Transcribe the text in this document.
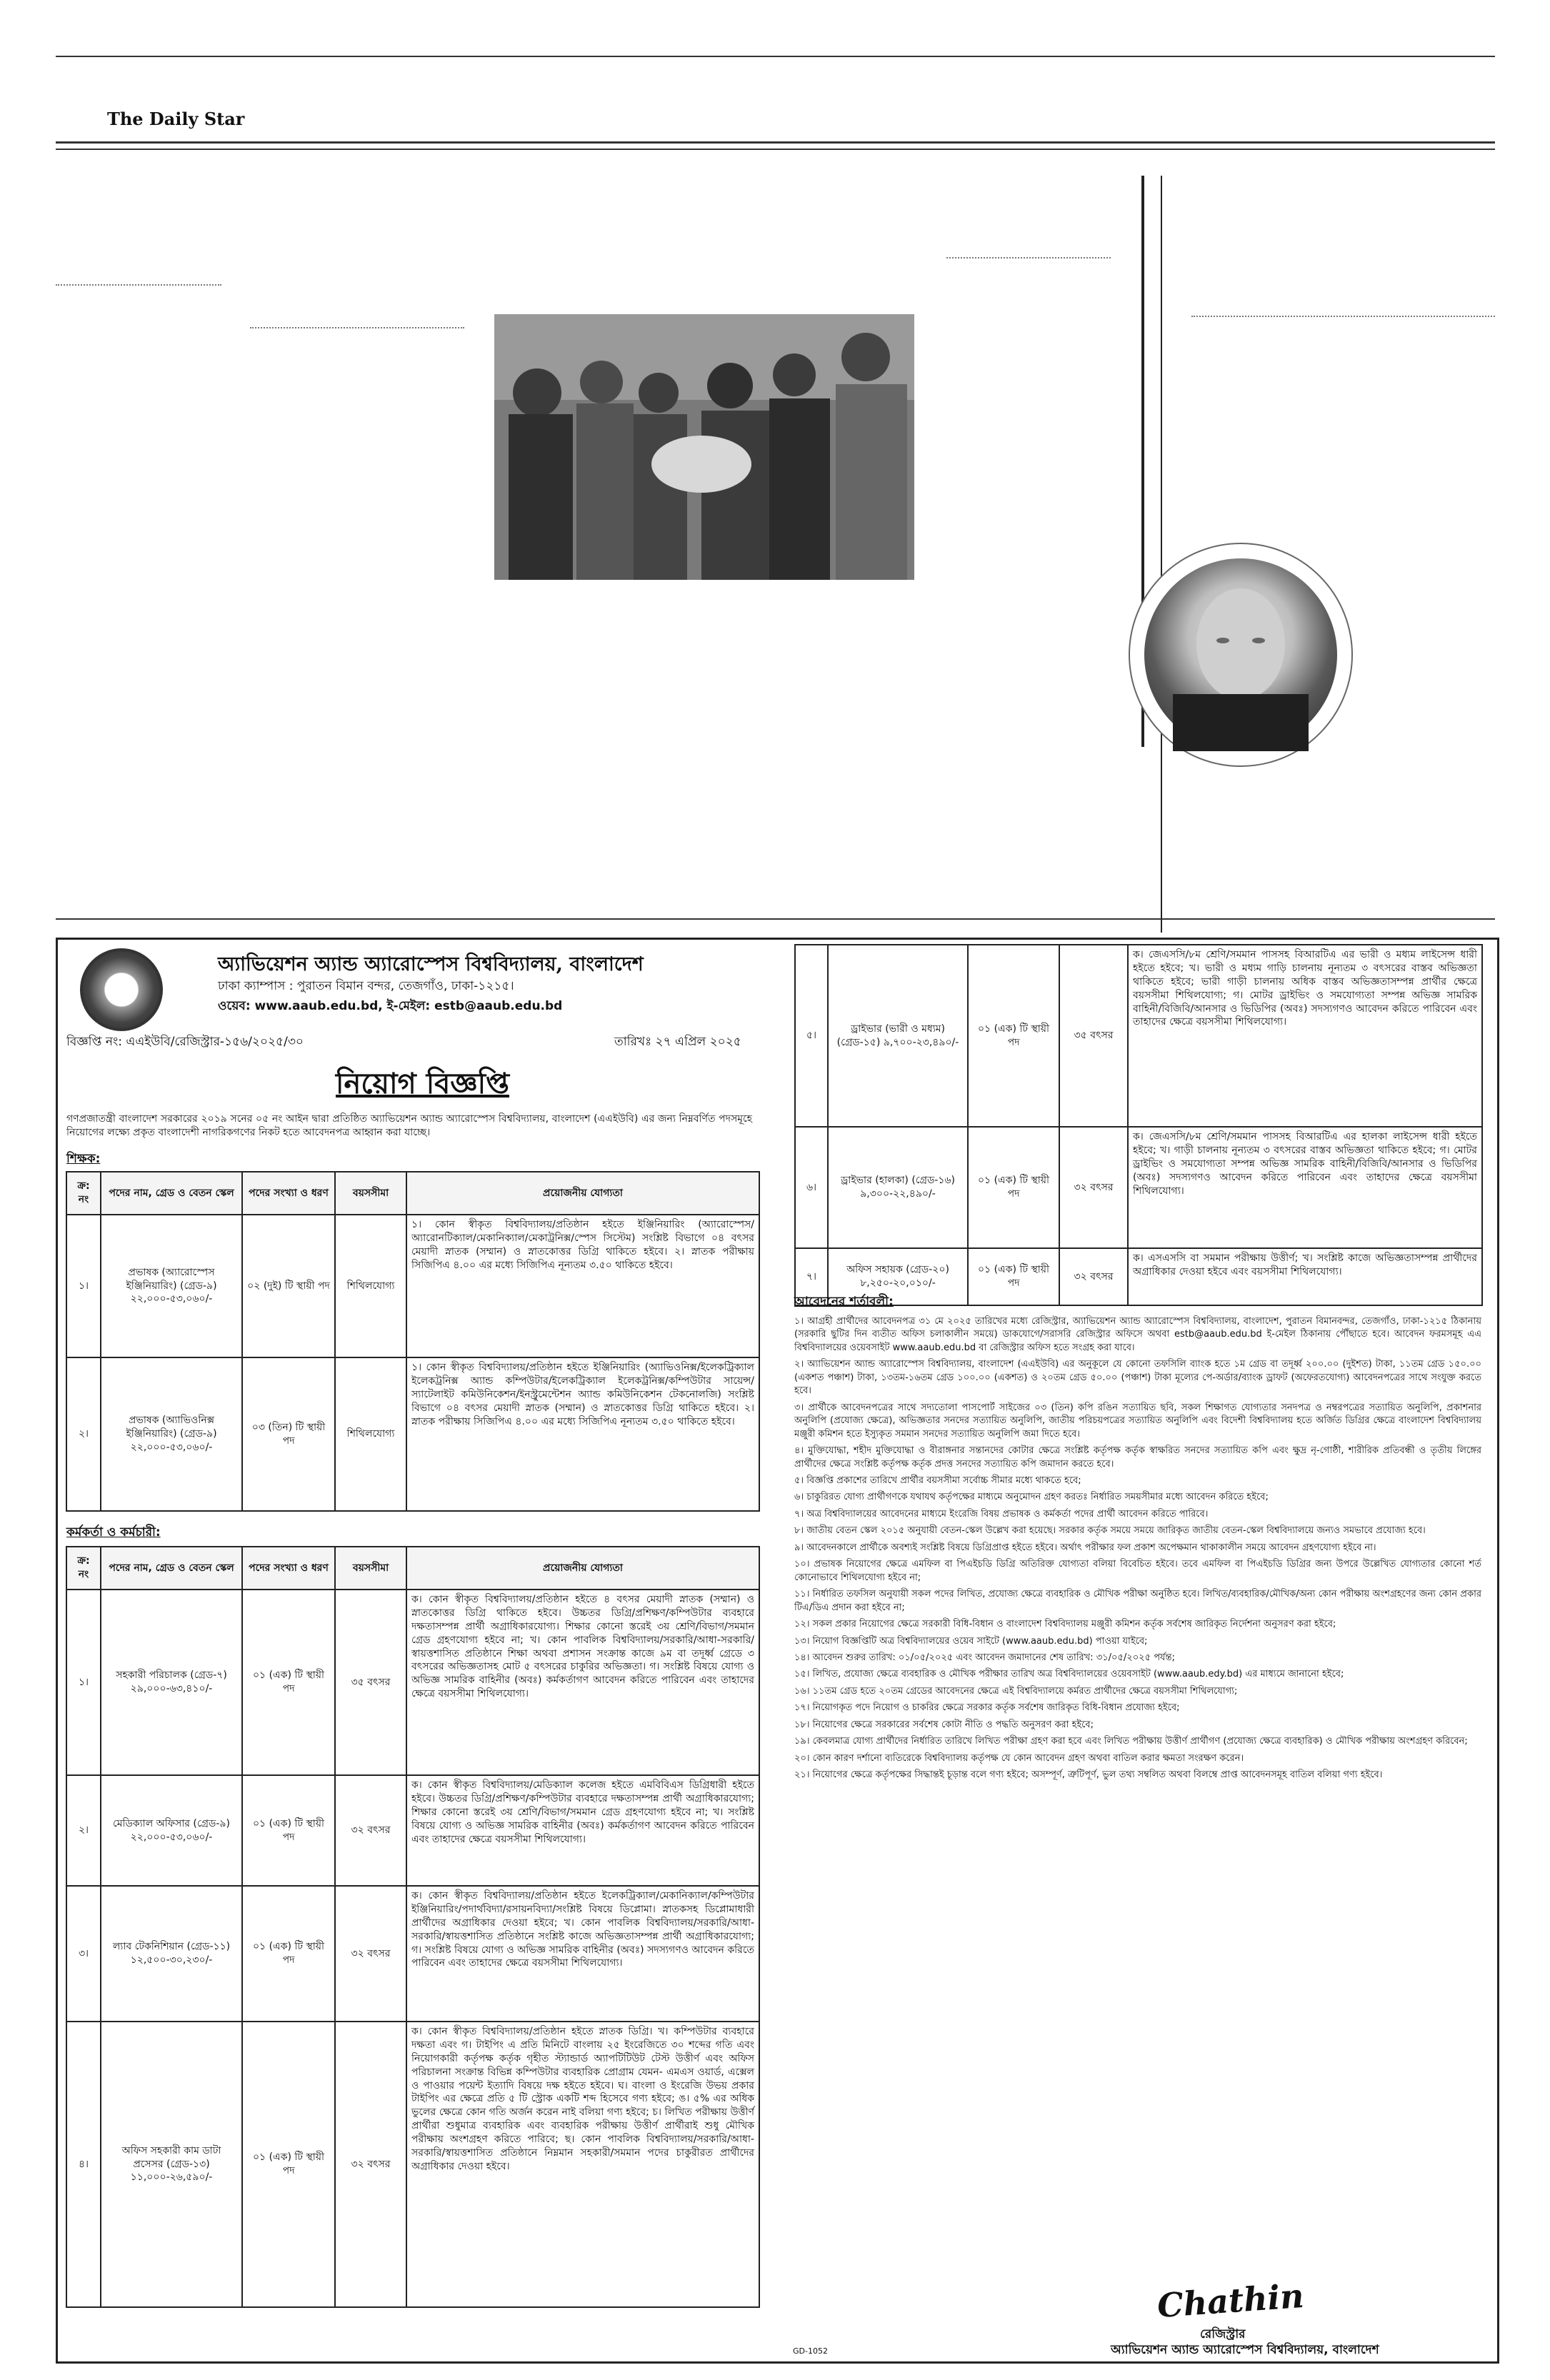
The Daily Star
অ্যাভিয়েশন অ্যান্ড অ্যারোস্পেস বিশ্ববিদ্যালয়, বাংলাদেশ
ঢাকা ক্যাম্পাস : পুরাতন বিমান বন্দর, তেজগাঁও, ঢাকা-১২১৫।
ওয়েব: www.aaub.edu.bd, ই-মেইল: estb@aaub.edu.bd
বিজ্ঞপ্তি নং: এএইউবি/রেজিস্ট্রার-১৫৬/২০২৫/৩০	তারিখঃ ২৭ এপ্রিল ২০২৫
নিয়োগ বিজ্ঞপ্তি
গণপ্রজাতন্ত্রী বাংলাদেশ সরকারের ২০১৯ সনের ০৫ নং আইন দ্বারা প্রতিষ্ঠিত অ্যাভিয়েশন অ্যান্ড অ্যারোস্পেস বিশ্ববিদ্যালয়, বাংলাদেশ (এএইউবি) এর জন্য নিম্নবর্ণিত পদসমূহে নিয়োগের লক্ষ্যে প্রকৃত বাংলাদেশী নাগরিকগণের নিকট হতে আবেদনপত্র আহ্বান করা যাচ্ছে।
শিক্ষক:
ক্র: নং	পদের নাম, গ্রেড ও বেতন স্কেল	পদের সংখ্যা ও ধরণ	বয়সসীমা	প্রয়োজনীয় যোগ্যতা
১।	প্রভাষক (অ্যারোস্পেস ইঞ্জিনিয়ারিং) (গ্রেড-৯) ২২,০০০-৫৩,০৬০/-	০২ (দুই) টি স্থায়ী পদ	শিথিলযোগ্য	১। কোন স্বীকৃত বিশ্ববিদ্যালয়/প্রতিষ্ঠান হইতে ইঞ্জিনিয়ারিং (অ্যারোস্পেস/অ্যারোনটিক্যাল/মেকানিক্যাল/মেকাট্রনিক্স/স্পেস সিস্টেম) সংশ্লিষ্ট বিভাগে ০৪ বৎসর মেয়াদী স্নাতক (সম্মান) ও স্নাতকোত্তর ডিগ্রি থাকিতে হইবে। ২। স্নাতক পরীক্ষায় সিজিপিএ ৪.০০ এর মধ্যে সিজিপিএ নূন্যতম ৩.৫০ থাকিতে হইবে।
২।	প্রভাষক (অ্যাভিওনিক্স ইঞ্জিনিয়ারিং) (গ্রেড-৯) ২২,০০০-৫৩,০৬০/-	০৩ (তিন) টি স্থায়ী পদ	শিথিলযোগ্য	১। কোন স্বীকৃত বিশ্ববিদ্যালয়/প্রতিষ্ঠান হইতে ইঞ্জিনিয়ারিং (অ্যাভিওনিক্স/ইলেকট্রিক্যাল ইলেকট্রনিক্স অ্যান্ড কম্পিউটার/ইলেকট্রিক্যাল ইলেকট্রনিক্স/কম্পিউটার সায়েন্স/স্যাটেলাইট কমিউনিকেশন/ইনস্ট্রুমেন্টেশন অ্যান্ড কমিউনিকেশন টেকনোলজি) সংশ্লিষ্ট বিভাগে ০৪ বৎসর মেয়াদী স্নাতক (সম্মান) ও স্নাতকোত্তর ডিগ্রি থাকিতে হইবে। ২। স্নাতক পরীক্ষায় সিজিপিএ ৪.০০ এর মধ্যে সিজিপিএ নূন্যতম ৩.৫০ থাকিতে হইবে।
কর্মকর্তা ও কর্মচারী:
ক্র: নং	পদের নাম, গ্রেড ও বেতন স্কেল	পদের সংখ্যা ও ধরণ	বয়সসীমা	প্রয়োজনীয় যোগ্যতা
১।	সহকারী পরিচালক (গ্রেড-৭) ২৯,০০০-৬৩,৪১০/-	০১ (এক) টি স্থায়ী পদ	৩৫ বৎসর	ক। কোন স্বীকৃত বিশ্ববিদ্যালয়/প্রতিষ্ঠান হইতে ৪ বৎসর মেয়াদী স্নাতক (সম্মান) ও স্নাতকোত্তর ডিগ্রি থাকিতে হইবে। উচ্চতর ডিগ্রি/প্রশিক্ষণ/কম্পিউটার ব্যবহারে দক্ষতাসম্পন্ন প্রার্থী অগ্রাধিকারযোগ্য। শিক্ষার কোনো স্তরেই ৩য় শ্রেণি/বিভাগ/সমমান গ্রেড গ্রহণযোগ্য হইবে না; খ। কোন পাবলিক বিশ্ববিদ্যালয়/সরকারি/আধা-সরকারি/স্বায়ত্তশাসিত প্রতিষ্ঠানে শিক্ষা অথবা প্রশাসন সংক্রান্ত কাজে ৯ম বা তদূর্ধ্ব গ্রেডে ৩ বৎসরের অভিজ্ঞতাসহ মোট ৫ বৎসরের চাকুরির অভিজ্ঞতা। গ। সংশ্লিষ্ট বিষয়ে যোগ্য ও অভিজ্ঞ সামরিক বাহিনীর (অবঃ) কর্মকর্তাগণ আবেদন করিতে পারিবেন এবং তাহাদের ক্ষেত্রে বয়সসীমা শিথিলযোগ্য।
২।	মেডিক্যাল অফিসার (গ্রেড-৯) ২২,০০০-৫৩,০৬০/-	০১ (এক) টি স্থায়ী পদ	৩২ বৎসর	ক। কোন স্বীকৃত বিশ্ববিদ্যালয়/মেডিক্যাল কলেজ হইতে এমবিবিএস ডিগ্রিধারী হইতে হইবে। উচ্চতর ডিগ্রি/প্রশিক্ষণ/কম্পিউটার ব্যবহারে দক্ষতাসম্পন্ন প্রার্থী অগ্রাধিকারযোগ্য; শিক্ষার কোনো স্তরেই ৩য় শ্রেণি/বিভাগ/সমমান গ্রেড গ্রহণযোগ্য হইবে না; খ। সংশ্লিষ্ট বিষয়ে যোগ্য ও অভিজ্ঞ সামরিক বাহিনীর (অবঃ) কর্মকর্তাগণ আবেদন করিতে পারিবেন এবং তাহাদের ক্ষেত্রে বয়সসীমা শিথিলযোগ্য।
৩।	ল্যাব টেকনিশিয়ান (গ্রেড-১১) ১২,৫০০-৩০,২৩০/-	০১ (এক) টি স্থায়ী পদ	৩২ বৎসর	ক। কোন স্বীকৃত বিশ্ববিদ্যালয়/প্রতিষ্ঠান হইতে ইলেকট্রিক্যাল/মেকানিক্যাল/কম্পিউটার ইঞ্জিনিয়ারিং/পদার্থবিদ্যা/রসায়নবিদ্যা/সংশ্লিষ্ট বিষয়ে ডিপ্লোমা। স্নাতকসহ ডিপ্লোমাধারী প্রার্থীদের অগ্রাধিকার দেওয়া হইবে; খ। কোন পাবলিক বিশ্ববিদ্যালয়/সরকারি/আধা-সরকারি/স্বায়ত্তশাসিত প্রতিষ্ঠানে সংশ্লিষ্ট কাজে অভিজ্ঞতাসম্পন্ন প্রার্থী অগ্রাধিকারযোগ্য; গ। সংশ্লিষ্ট বিষয়ে যোগ্য ও অভিজ্ঞ সামরিক বাহিনীর (অবঃ) সদস্যগণও আবেদন করিতে পারিবেন এবং তাহাদের ক্ষেত্রে বয়সসীমা শিথিলযোগ্য।
৪।	অফিস সহকারী কাম ডাটা প্রসেসর (গ্রেড-১৩) ১১,০০০-২৬,৫৯০/-	০১ (এক) টি স্থায়ী পদ	৩২ বৎসর	ক। কোন স্বীকৃত বিশ্ববিদ্যালয়/প্রতিষ্ঠান হইতে স্নাতক ডিগ্রি। খ। কম্পিউটার ব্যবহারে দক্ষতা এবং গ। টাইপিং এ প্রতি মিনিটে বাংলায় ২৫ ইংরেজিতে ৩০ শব্দের গতি এবং নিয়োগকারী কর্তৃপক্ষ কর্তৃক গৃহীত স্ট্যান্ডার্ড অ্যাপটিটিউট টেস্ট উত্তীর্ণ এবং অফিস পরিচালনা সংক্রান্ত বিভিন্ন কম্পিউটার ব্যবহারিক প্রোগ্রাম যেমন- এমএস ওয়ার্ড, এক্সেল ও পাওয়ার পয়েন্ট ইত্যাদি বিষয়ে দক্ষ হইতে হইবে। ঘ। বাংলা ও ইংরেজি উভয় প্রকার টাইপিং এর ক্ষেত্রে প্রতি ৫ টি স্ট্রোক একটি শব্দ হিসেবে গণ্য হইবে; ঙ। ৫% এর অধিক ভুলের ক্ষেত্রে কোন গতি অর্জন করেন নাই বলিয়া গণ্য হইবে; চ। লিখিত পরীক্ষায় উত্তীর্ণ প্রার্থীরা শুধুমাত্র ব্যবহারিক এবং ব্যবহারিক পরীক্ষায় উত্তীর্ণ প্রার্থীরাই শুধু মৌখিক পরীক্ষায় অংশগ্রহণ করিতে পারিবে; ছ। কোন পাবলিক বিশ্ববিদ্যালয়/সরকারি/আধা-সরকারি/স্বায়ত্তশাসিত প্রতিষ্ঠানে নিম্নমান সহকারী/সমমান পদের চাকুরীরত প্রার্থীদের অগ্রাধিকার দেওয়া হইবে।
৫।	ড্রাইভার (ভারী ও মধ্যম) (গ্রেড-১৫) ৯,৭০০-২৩,৪৯০/-	০১ (এক) টি স্থায়ী পদ	৩৫ বৎসর	ক। জেএসসি/৮ম শ্রেণি/সমমান পাসসহ বিআরটিএ এর ভারী ও মধ্যম লাইসেন্স ধারী হইতে হইবে; খ। ভারী ও মধ্যম গাড়ি চালনায় নূন্যতম ৩ বৎসরের বাস্তব অভিজ্ঞতা থাকিতে হইবে; ভারী গাড়ী চালনায় অধিক বাস্তব অভিজ্ঞতাসম্পন্ন প্রার্থীর ক্ষেত্রে বয়সসীমা শিথিলযোগ্য; গ। মোটর ড্রাইভিং ও সমযোগ্যতা সম্পন্ন অভিজ্ঞ সামরিক বাহিনী/বিজিবি/আনসার ও ভিডিপির (অবঃ) সদস্যগণও আবেদন করিতে পারিবেন এবং তাহাদের ক্ষেত্রে বয়সসীমা শিথিলযোগ্য।
৬।	ড্রাইভার (হালকা) (গ্রেড-১৬) ৯,৩০০-২২,৪৯০/-	০১ (এক) টি স্থায়ী পদ	৩২ বৎসর	ক। জেএসসি/৮ম শ্রেণি/সমমান পাসসহ বিআরটিএ এর হালকা লাইসেন্স ধারী হইতে হইবে; খ। গাড়ী চালনায় নূন্যতম ৩ বৎসরের বাস্তব অভিজ্ঞতা থাকিতে হইবে; গ। মোটর ড্রাইভিং ও সমযোগ্যতা সম্পন্ন অভিজ্ঞ সামরিক বাহিনী/বিজিবি/আনসার ও ভিডিপির (অবঃ) সদস্যগণও আবেদন করিতে পারিবেন এবং তাহাদের ক্ষেত্রে বয়সসীমা শিথিলযোগ্য।
৭।	অফিস সহায়ক (গ্রেড-২০) ৮,২৫০-২০,০১০/-	০১ (এক) টি স্থায়ী পদ	৩২ বৎসর	ক। এসএসসি বা সমমান পরীক্ষায় উত্তীর্ণ; খ। সংশ্লিষ্ট কাজে অভিজ্ঞতাসম্পন্ন প্রার্থীদের অগ্রাধিকার দেওয়া হইবে এবং বয়সসীমা শিথিলযোগ্য।
আবেদনের শর্তাবলী:

১। আগ্রহী প্রার্থীদের আবেদনপত্র ৩১ মে ২০২৫ তারিখের মধ্যে রেজিস্ট্রার, অ্যাভিয়েশন অ্যান্ড অ্যারোস্পেস বিশ্ববিদ্যালয়, বাংলাদেশ, পুরাতন বিমানবন্দর, তেজগাঁও, ঢাকা-১২১৫ ঠিকানায় (সরকারি ছুটির দিন ব্যতীত অফিস চলাকালীন সময়ে) ডাকযোগে/সরাসরি রেজিস্ট্রার অফিসে অথবা estb@aaub.edu.bd ই-মেইল ঠিকানায় পৌঁছাতে হবে। আবেদন ফরমসমূহ এএ বিশ্ববিদ্যালয়ের ওয়েবসাইট www.aaub.edu.bd বা রেজিস্ট্রার অফিস হতে সংগ্রহ করা যাবে।

২। অ্যাভিয়েশন অ্যান্ড অ্যারোস্পেস বিশ্ববিদ্যালয়, বাংলাদেশ (এএইউবি) এর অনুকূলে যে কোনো তফসিলি ব্যাংক হতে ১ম গ্রেড বা তদূর্ধ্ব ২০০.০০ (দুইশত) টাকা, ১১তম গ্রেড ১৫০.০০ (একশত পঞ্চাশ) টাকা, ১৩তম-১৬তম গ্রেড ১০০.০০ (একশত) ও ২০তম গ্রেড ৫০.০০ (পঞ্চাশ) টাকা মূল্যের পে-অর্ডার/ব্যাংক ড্রাফট (অফেরতযোগ্য) আবেদনপত্রের সাথে সংযুক্ত করতে হবে।

৩। প্রার্থীকে আবেদনপত্রের সাথে সদ্যতোলা পাসপোর্ট সাইজের ০৩ (তিন) কপি রঙিন সত্যায়িত ছবি, সকল শিক্ষাগত যোগ্যতার সনদপত্র ও নম্বরপত্রের সত্যায়িত অনুলিপি, প্রকাশনার অনুলিপি (প্রযোজ্য ক্ষেত্রে), অভিজ্ঞতার সনদের সত্যায়িত অনুলিপি, জাতীয় পরিচয়পত্রের সত্যায়িত অনুলিপি এবং বিদেশী বিশ্ববিদ্যালয় হতে অর্জিত ডিগ্রির ক্ষেত্রে বাংলাদেশ বিশ্ববিদ্যালয় মঞ্জুরী কমিশন হতে ইস্যুকৃত সমমান সনদের সত্যায়িত অনুলিপি জমা দিতে হবে।

৪। মুক্তিযোদ্ধা, শহীদ মুক্তিযোদ্ধা ও বীরাঙ্গনার সন্তানদের কোটার ক্ষেত্রে সংশ্লিষ্ট কর্তৃপক্ষ কর্তৃক স্বাক্ষরিত সনদের সত্যায়িত কপি এবং ক্ষুদ্র নৃ-গোষ্ঠী, শারীরিক প্রতিবন্ধী ও তৃতীয় লিঙ্গের প্রার্থীদের ক্ষেত্রে সংশ্লিষ্ট কর্তৃপক্ষ কর্তৃক প্রদত্ত সনদের সত্যায়িত কপি জমাদান করতে হবে।

৫। বিজ্ঞপ্তি প্রকাশের তারিখে প্রার্থীর বয়সসীমা সর্বোচ্চ সীমার মধ্যে থাকতে হবে;

৬। চাকুরিরত যোগ্য প্রার্থীগণকে যথাযথ কর্তৃপক্ষের মাধ্যমে অনুমোদন গ্রহণ করতঃ নির্ধারিত সময়সীমার মধ্যে আবেদন করিতে হইবে;

৭। অত্র বিশ্ববিদ্যালয়ের আবেদনের মাধ্যমে ইংরেজি বিষয় প্রভাষক ও কর্মকর্তা পদের প্রার্থী আবেদন করিতে পারিবে।

৮। জাতীয় বেতন স্কেল ২০১৫ অনুযায়ী বেতন-স্কেল উল্লেখ করা হয়েছে। সরকার কর্তৃক সময়ে সময়ে জারিকৃত জাতীয় বেতন-স্কেল বিশ্ববিদ্যালয়ে জন্যও সমভাবে প্রযোজ্য হবে।

৯। আবেদনকালে প্রার্থীকে অবশ্যই সংশ্লিষ্ট বিষয়ে ডিগ্রিপ্রাপ্ত হইতে হইবে। অর্থাৎ পরীক্ষার ফল প্রকাশ অপেক্ষমান থাকাকালীন সময়ে আবেদন গ্রহণযোগ্য হইবে না।

১০। প্রভাষক নিয়োগের ক্ষেত্রে এমফিল বা পিএইচডি ডিগ্রি অতিরিক্ত যোগ্যতা বলিয়া বিবেচিত হইবে। তবে এমফিল বা পিএইচডি ডিগ্রির জন্য উপরে উল্লেখিত যোগ্যতার কোনো শর্ত কোনোভাবে শিথিলযোগ্য হইবে না;

১১। নির্ধারিত তফসিল অনুযায়ী সকল পদের লিখিত, প্রযোজ্য ক্ষেত্রে ব্যবহারিক ও মৌখিক পরীক্ষা অনুষ্ঠিত হবে। লিখিত/ব্যবহারিক/মৌখিক/অন্য কোন পরীক্ষায় অংশগ্রহণের জন্য কোন প্রকার টিএ/ডিএ প্রদান করা হইবে না;

১২। সকল প্রকার নিয়োগের ক্ষেত্রে সরকারী বিধি-বিধান ও বাংলাদেশ বিশ্ববিদ্যালয় মঞ্জুরী কমিশন কর্তৃক সর্বশেষ জারিকৃত নির্দেশনা অনুসরণ করা হইবে;

১৩। নিয়োগ বিজ্ঞপ্তিটি অত্র বিশ্ববিদ্যালয়ের ওয়েব সাইটে (www.aaub.edu.bd) পাওয়া যাইবে;

১৪। আবেদন শুরুর তারিখ: ০১/০৫/২০২৫ এবং আবেদন জমাদানের শেষ তারিখ: ৩১/০৫/২০২৫ পর্যন্ত;

১৫। লিখিত, প্রযোজ্য ক্ষেত্রে ব্যবহারিক ও মৌখিক পরীক্ষার তারিখ অত্র বিশ্ববিদ্যালয়ের ওয়েবসাইট (www.aaub.edy.bd) এর মাধ্যমে জানানো হইবে;

১৬। ১১তম গ্রেড হতে ২০তম গ্রেডের আবেদনের ক্ষেত্রে এই বিশ্ববিদ্যালয়ে কর্মরত প্রার্থীদের ক্ষেত্রে বয়সসীমা শিথিলযোগ্য;

১৭। নিয়োগকৃত পদে নিয়োগ ও চাকরির ক্ষেত্রে সরকার কর্তৃক সর্বশেষ জারিকৃত বিধি-বিধান প্রযোজ্য হইবে;

১৮। নিয়োগের ক্ষেত্রে সরকারের সর্বশেষ কোটা নীতি ও পদ্ধতি অনুসরণ করা হইবে;

১৯। কেবলমাত্র যোগ্য প্রার্থীদের নির্ধারিত তারিখে লিখিত পরীক্ষা গ্রহণ করা হবে এবং লিখিত পরীক্ষায় উত্তীর্ণ প্রার্থীগণ (প্রযোজ্য ক্ষেত্রে ব্যবহারিক) ও মৌখিক পরীক্ষায় অংশগ্রহণ করিবেন;

২০। কোন কারণ দর্শানো ব্যতিরেকে বিশ্ববিদ্যালয় কর্তৃপক্ষ যে কোন আবেদন গ্রহণ অথবা বাতিল করার ক্ষমতা সংরক্ষণ করেন।

২১। নিয়োগের ক্ষেত্রে কর্তৃপক্ষের সিদ্ধান্তই চূড়ান্ত বলে গণ্য হইবে; অসম্পূর্ণ, ত্রুটিপূর্ণ, ভুল তথ্য সম্বলিত অথবা বিলম্বে প্রাপ্ত আবেদনসমূহ বাতিল বলিয়া গণ্য হইবে।

Chathin
রেজিস্ট্রার
অ্যাভিয়েশন অ্যান্ড অ্যারোস্পেস বিশ্ববিদ্যালয়, বাংলাদেশ
GD-1052
